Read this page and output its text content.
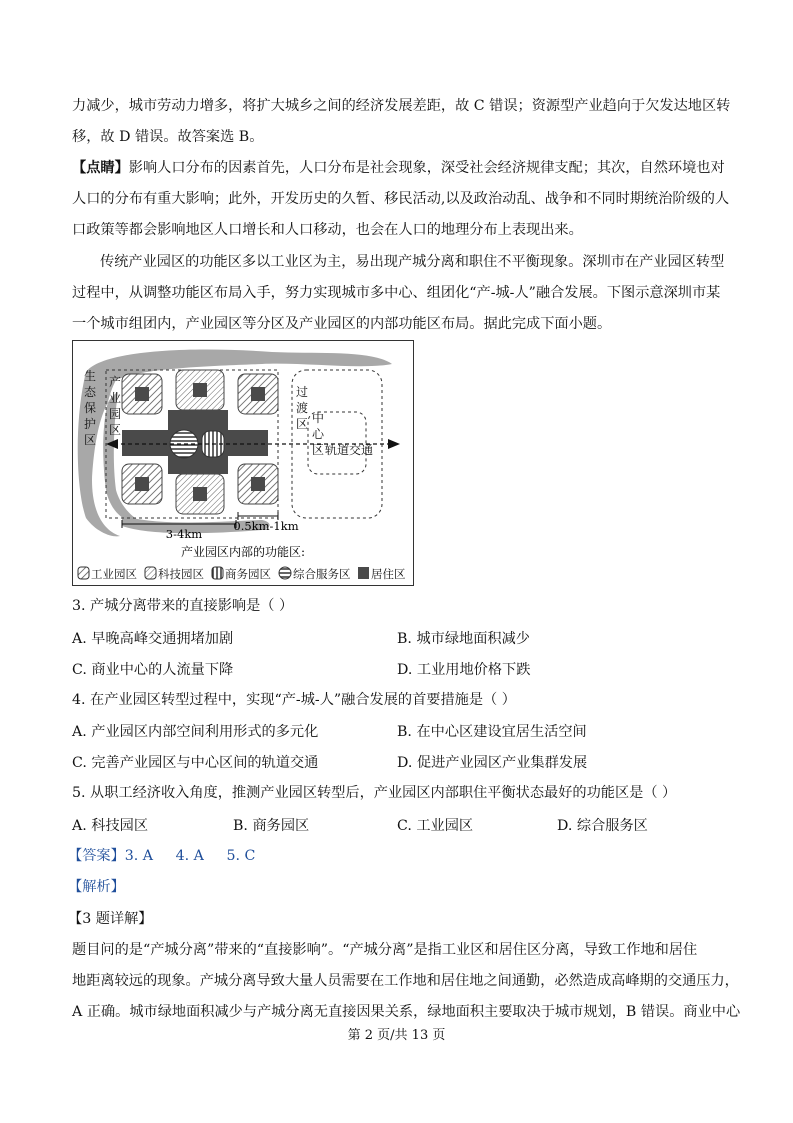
力减少，城市劳动力增多，将扩大城乡之间的经济发展差距，故 C 错误；资源型产业趋向于欠发达地区转
移，故 D 错误。故答案选 B。
【点睛】影响人口分布的因素首先，人口分布是社会现象，深受社会经济规律支配；其次，自然环境也对
人口的分布有重大影响；此外，开发历史的久暂、移民活动,以及政治动乱、战争和不同时期统治阶级的人
口政策等都会影响地区人口增长和人口移动，也会在人口的地理分布上表现出来。
传统产业园区的功能区多以工业区为主，易出现产城分离和职住不平衡现象。深圳市在产业园区转型
过程中，从调整功能区布局入手，努力实现城市多中心、组团化“产-城-人”融合发展。下图示意深圳市某
一个城市组团内，产业园区等分区及产业园区的内部功能区布局。据此完成下面小题。
生
态
保
护
区
产
业
园
区
过
渡
区 中
心
区 轨道交通
3-4km
0.5km-1km
产业园区内部的功能区:
工业园区 科技园区 商务园区 综合服务区 居住区
3. 产城分离带来的直接影响是（ ）
A. 早晚高峰交通拥堵加剧	B. 城市绿地面积减少
C. 商业中心的人流量下降	D. 工业用地价格下跌
4. 在产业园区转型过程中，实现“产-城-人”融合发展的首要措施是（ ）
A. 产业园区内部空间利用形式的多元化	B. 在中心区建设宜居生活空间
C. 完善产业园区与中心区间的轨道交通	D. 促进产业园区产业集群发展
5. 从职工经济收入角度，推测产业园区转型后，产业园区内部职住平衡状态最好的功能区是（ ）
A. 科技园区	B. 商务园区	C. 工业园区	D. 综合服务区
【答案】3. A     4. A     5. C
【解析】
【3 题详解】
题目问的是“产城分离”带来的“直接影响”。“产城分离”是指工业区和居住区分离，导致工作地和居住
地距离较远的现象。产城分离导致大量人员需要在工作地和居住地之间通勤，必然造成高峰期的交通压力，
A 正确。城市绿地面积减少与产城分离无直接因果关系，绿地面积主要取决于城市规划，B 错误。商业中心
第 2 页/共 13 页
